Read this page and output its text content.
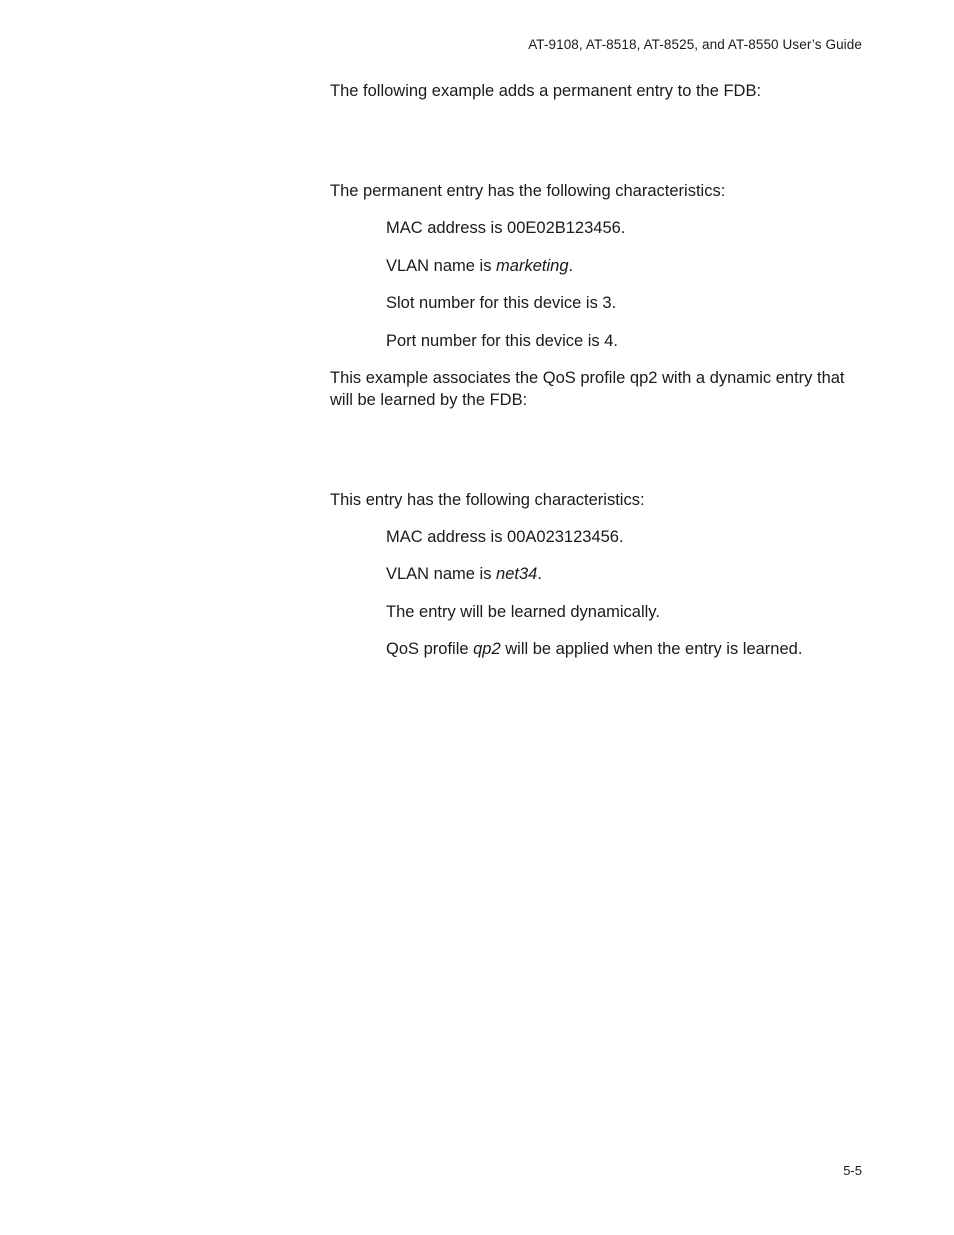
AT-9108, AT-8518, AT-8525, and AT-8550 User’s Guide

The following example adds a permanent entry to the FDB:

The permanent entry has the following characteristics:

MAC address is 00E02B123456.
VLAN name is marketing.
Slot number for this device is 3.
Port number for this device is 4.

This example associates the QoS profile qp2 with a dynamic entry that will be learned by the FDB:

This entry has the following characteristics:

MAC address is 00A023123456.
VLAN name is net34.
The entry will be learned dynamically.
QoS profile qp2 will be applied when the entry is learned.
5-5
